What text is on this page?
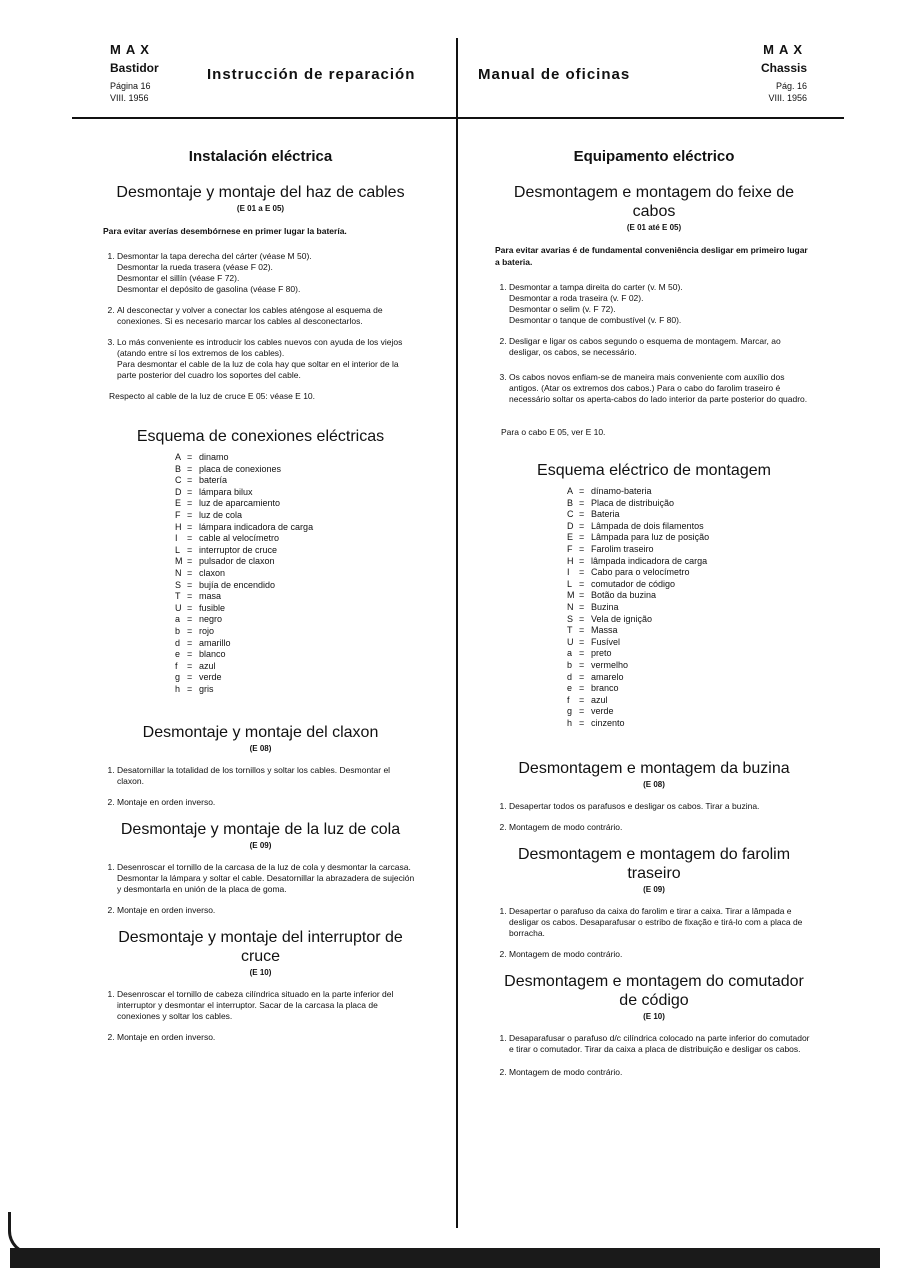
MAX
Bastidor
Página 16
VIII. 1956
Instrucción de reparación	Manual de oficinas
MAX
Chassis
Pág. 16
VIII. 1956
Instalación eléctrica
Desmontaje y montaje del haz de cables
(E 01 a E 05)
Para evitar averías desembórnese en primer lugar la batería.
1. Desmontar la tapa derecha del cárter (véase M 50).
Desmontar la rueda trasera (véase F 02).
Desmontar el sillín (véase F 72).
Desmontar el depósito de gasolina (véase F 80).
2. Al desconectar y volver a conectar los cables aténgose al esquema de conexiones. Si es necesario marcar los cables al desconectarlos.
3. Lo más conveniente es introducir los cables nuevos con ayuda de los viejos (atando entre sí los extremos de los cables).
Para desmontar el cable de la luz de cola hay que soltar en el interior de la parte posterior del cuadro los soportes del cable.
Respecto al cable de la luz de cruce E 05: véase E 10.
Esquema de conexiones eléctricas
A = dinamo
B = placa de conexiones
C = batería
D = lámpara bilux
E = luz de aparcamiento
F = luz de cola
H = lámpara indicadora de carga
I	= cable al velocímetro
L = interruptor de cruce
M = pulsador de claxon
N = claxon
S = bujía de encendido
T = masa
U = fusible
a = negro
b = rojo
d = amarillo
e = blanco
f	= azul
g = verde
h = gris
Desmontaje y montaje del claxon
(E 08)
1. Desatornillar la totalidad de los tornillos y soltar los cables. Desmontar el claxon.
2. Montaje en orden inverso.
Desmontaje y montaje de la luz de cola
(E 09)
1. Desenroscar el tornillo de la carcasa de la luz de cola y desmontar la carcasa. Desmontar la lámpara y soltar el cable. Desatornillar la abrazadera de sujeción y desmontarla en unión de la placa de goma.
2. Montaje en orden inverso.
Desmontaje y montaje del interruptor de cruce
(E 10)
1. Desenroscar el tornillo de cabeza cilíndrica situado en la parte inferior del interruptor y desmontar el interruptor. Sacar de la carcasa la placa de conexiones y soltar los cables.
2. Montaje en orden inverso.
Equipamento eléctrico
Desmontagem e montagem do feixe de cabos
(E 01 até E 05)
Para evitar avarias é de fundamental conveniência desligar em primeiro lugar a bateria.
1. Desmontar a tampa direita do carter (v. M 50).
Desmontar a roda traseira (v. F 02).
Desmontar o selim (v. F 72).
Desmontar o tanque de combustível (v. F 80).
2. Desligar e ligar os cabos segundo o esquema de montagem. Marcar, ao desligar, os cabos, se necessário.
3. Os cabos novos enfiam-se de maneira mais conveniente com auxílio dos antigos. (Atar os extremos dos cabos.) Para o cabo do farolim traseiro é necessário soltar os aperta-cabos do lado interior da parte posterior do quadro.
Para o cabo E 05, ver E 10.
Esquema eléctrico de montagem
A = dínamo-bateria
B = Placa de distribuição
C = Bateria
D = Lâmpada de dois filamentos
E = Lâmpada para luz de posição
F = Farolim traseiro
H = lâmpada indicadora de carga
I	= Cabo para o velocímetro
L = comutador de código
M = Botão da buzina
N = Buzina
S = Vela de ignição
T = Massa
U = Fusível
a = preto
b = vermelho
d = amarelo
e = branco
f	= azul
g = verde
h = cinzento
Desmontagem e montagem da buzina
(E 08)
1. Desapertar todos os parafusos e desligar os cabos. Tirar a buzina.
2. Montagem de modo contrário.
Desmontagem e montagem do farolim traseiro
(E 09)
1. Desapertar o parafuso da caixa do farolim e tirar a caixa. Tirar a lâmpada e desligar os cabos. Desaparafusar o estribo de fixação e tirá-lo com a placa de borracha.
2. Montagem de modo contrário.
Desmontagem e montagem do comutador de código
(E 10)
1. Desaparafusar o parafuso d/c cilíndrica colocado na parte inferior do comutador e tirar o comutador. Tirar da caixa a placa de distribuição e desligar os cabos.
2. Montagem de modo contrário.
